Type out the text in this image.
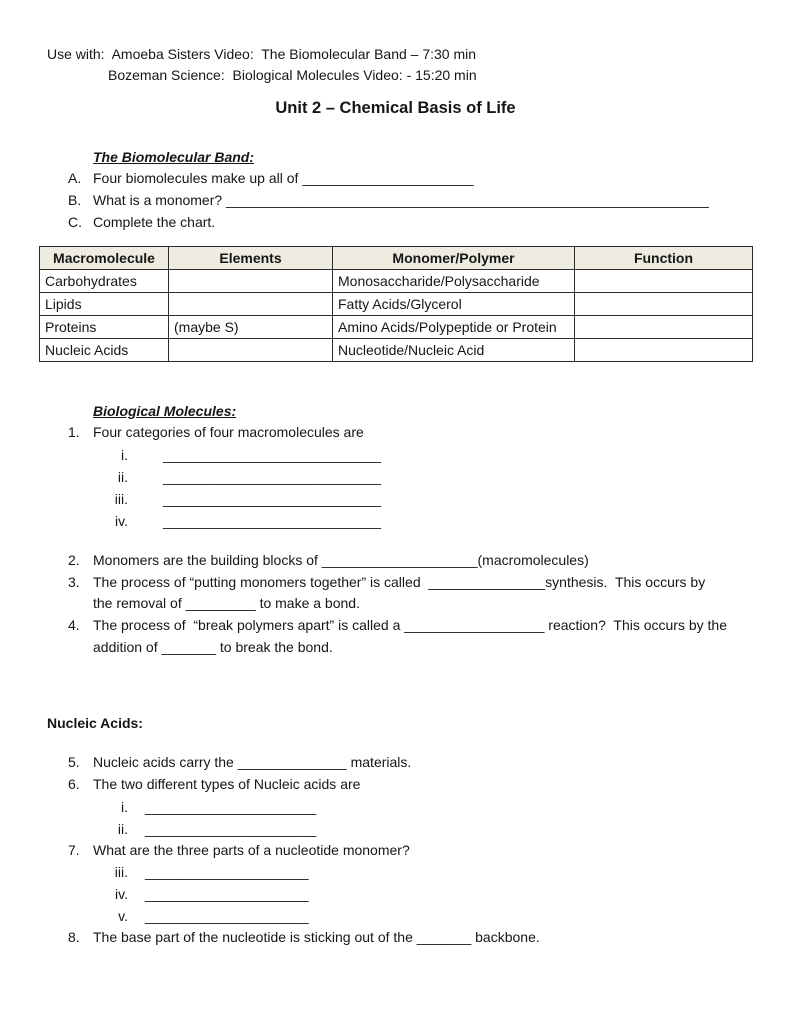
Use with:  Amoeba Sisters Video:  The Biomolecular Band – 7:30 min
Bozeman Science:  Biological Molecules Video: - 15:20 min
Unit 2 – Chemical Basis of Life
The Biomolecular Band:
A. Four biomolecules make up all of ______________________
B. What is a monomer? ______________________________________________________________
C. Complete the chart.
Macromolecule	Elements	Monomer/Polymer	Function
Carbohydrates		Monosaccharide/Polysaccharide	
Lipids		Fatty Acids/Glycerol	
Proteins	(maybe S)	Amino Acids/Polypeptide or Protein	
Nucleic Acids		Nucleotide/Nucleic Acid	
Biological Molecules:
1. Four categories of four macromolecules are
i.	____________________________
ii.	____________________________
iii.	____________________________
iv.	____________________________
2. Monomers are the building blocks of ____________________(macromolecules)
3. The process of “putting monomers together” is called  _______________synthesis.  This occurs by
the removal of _________ to make a bond.
4. The process of  “break polymers apart” is called a __________________ reaction?  This occurs by the
addition of _______ to break the bond.
Nucleic Acids:
5. Nucleic acids carry the ______________ materials.
6. The two different types of Nucleic acids are
i. ______________________
ii. ______________________
7. What are the three parts of a nucleotide monomer?
iii. _____________________
iv. _____________________
v. _____________________
8. The base part of the nucleotide is sticking out of the _______ backbone.
